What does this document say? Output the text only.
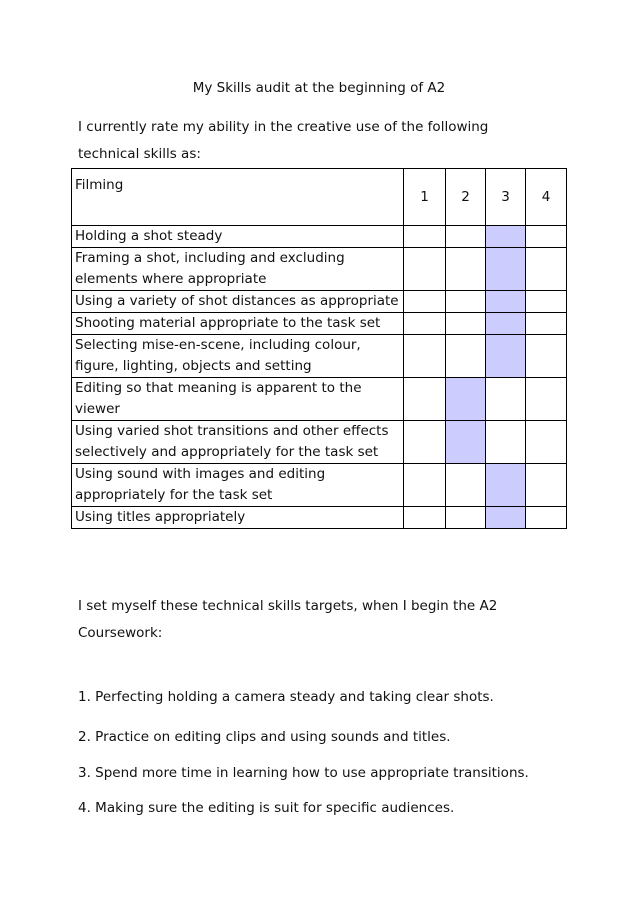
My Skills audit at the beginning of A2
I currently rate my ability in the creative use of the following technical skills as:
Filming	1	2	3	4
Holding a shot steady				
Framing a shot, including and excluding elements where appropriate				
Using a variety of shot distances as appropriate				
Shooting material appropriate to the task set				
Selecting mise-en-scene, including colour, figure, lighting, objects and setting				
Editing so that meaning is apparent to the viewer				
Using varied shot transitions and other effects selectively and appropriately for the task set				
Using sound with images and editing appropriately for the task set				
Using titles appropriately				
I set myself these technical skills targets, when I begin the A2 Coursework:
1. Perfecting holding a camera steady and taking clear shots.
2. Practice on editing clips and using sounds and titles.
3. Spend more time in learning how to use appropriate transitions.
4. Making sure the editing is suit for specific audiences.
